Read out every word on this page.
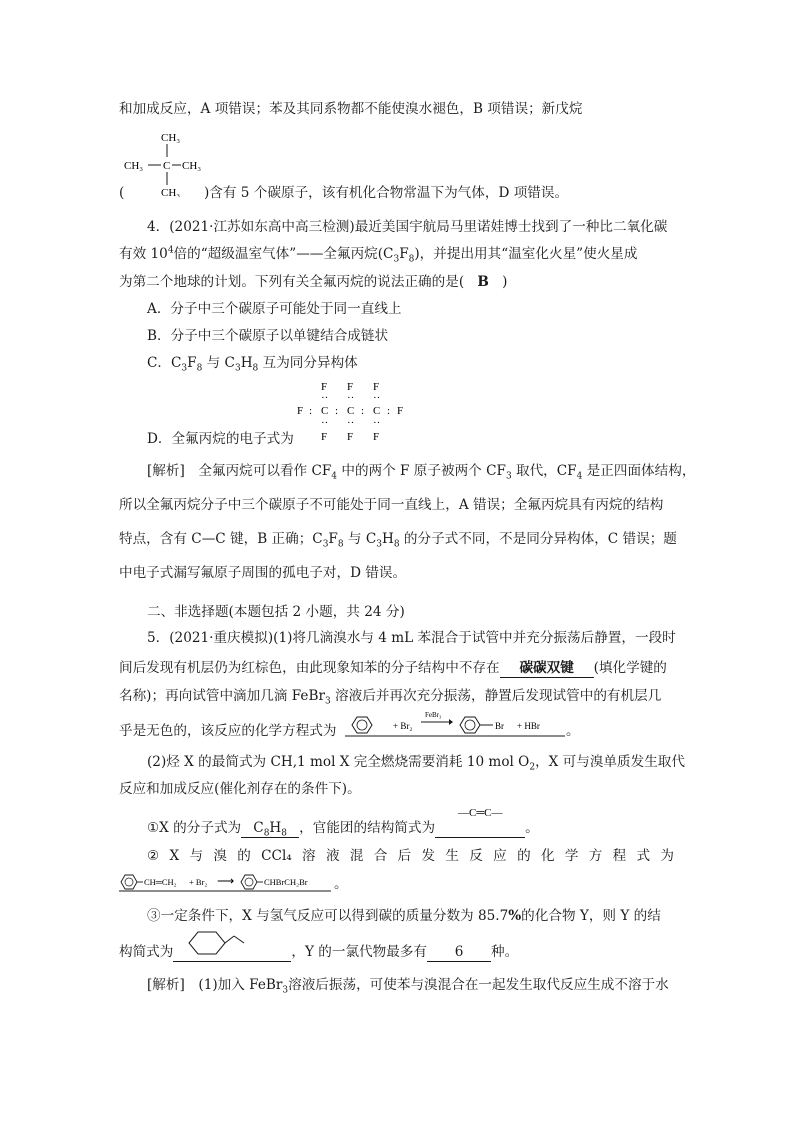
和加成反应，A 项错误；苯及其同系物都不能使溴水褪色，B 项错误；新戊烷
CH₃
CH₃ C CH₃
CH₃
(	)含有 5 个碳原子，该有机化合物常温下为气体，D 项错误。
4．(2021·江苏如东高中高三检测)最近美国宇航局马里诺娃博士找到了一种比二氧化碳
有效 $10^4$倍的“超级温室气体”——全氟丙烷$(C_3F_8)$，并提出用其“温室化火星”使火星成
为第二个地球的计划。下列有关全氟丙烷的说法正确的是( B )
A．分子中三个碳原子可能处于同一直线上
B．分子中三个碳原子以单键结合成链状
C．$C_3F_8$ 与 $C_3H_8$ 互为同分异构体
F F F
·· ·· ··
F : C : C : C : F
·· ·· ··
F F F
D．全氟丙烷的电子式为
[解析]　全氟丙烷可以看作 $CF_4$ 中的两个 F 原子被两个 $CF_3$ 取代，$CF_4$ 是正四面体结构，
所以全氟丙烷分子中三个碳原子不可能处于同一直线上，A 错误；全氟丙烷具有丙烷的结构
特点，含有 C—C 键，B 正确；$C_3F_8$ 与 $C_3H_8$ 的分子式不同，不是同分异构体，C 错误；题
中电子式漏写氟原子周围的孤电子对，D 错误。
二、非选择题(本题包括 2 小题，共 24 分)
5．(2021·重庆模拟)(1)将几滴溴水与 4 mL 苯混合于试管中并充分振荡后静置，一段时
间后发现有机层仍为红棕色，由此现象知苯的分子结构中不存在 碳碳双键 (填化学键的
名称)；再向试管中滴加几滴 FeBr$_3$ 溶液后并再次充分振荡，静置后发现试管中的有机层几
乎是无色的，该反应的化学方程式为	+ Br₂
FeBr₃
Br + HBr 。
(2)烃 X 的最简式为 CH,1 mol X 完全燃烧需要消耗 10 mol $O_2$，X 可与溴单质发生取代
反应和加成反应(催化剂存在的条件下)。
—C═C—
①X 的分子式为 $C_8H_8$ ，官能团的结构简式为	。
② X 与 溴 的 CCl₄ 溶 液 混 合 后 发 生 反 应 的 化 学 方 程 式 为
CH═CH₂ + Br₂ ⟶	CHBrCH₂Br 。
③一定条件下，X 与氢气反应可以得到碳的质量分数为 85.7%的化合物 Y，则 Y 的结
构简式为	，Y 的一氯代物最多有 6 种。
[解析]　(1)加入 FeBr$_3$溶液后振荡，可使苯与溴混合在一起发生取代反应生成不溶于水
